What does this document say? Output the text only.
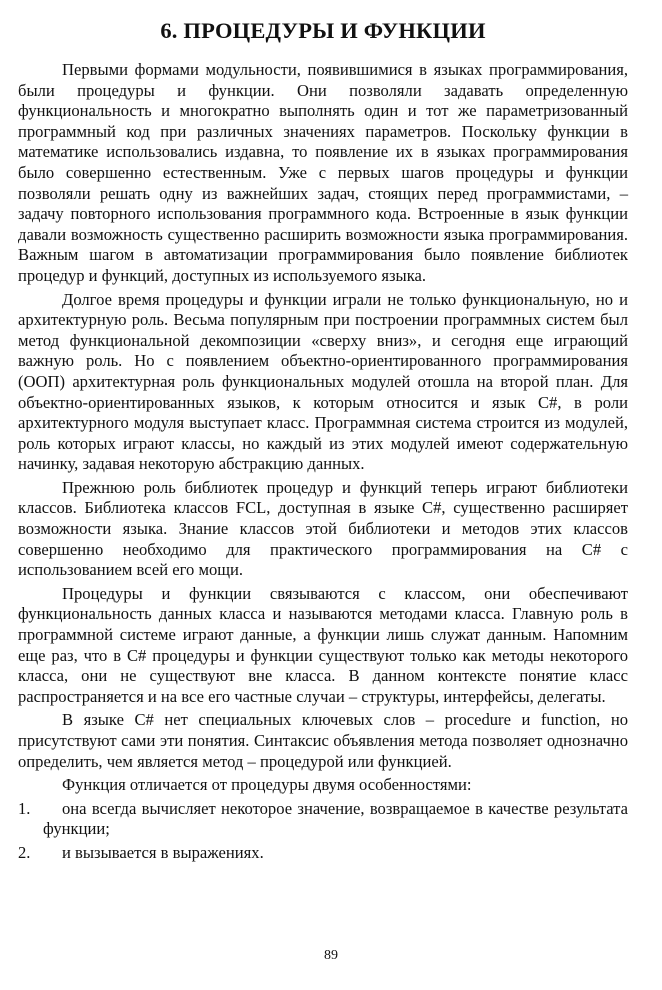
6. ПРОЦЕДУРЫ И ФУНКЦИИ

Первыми формами модульности, появившимися в языках программирования, были процедуры и функции. Они позволяли задавать определенную функциональность и многократно выполнять один и тот же параметризованный программный код при различных значениях параметров. Поскольку функции в математике использовались издавна, то появление их в языках программирования было совершенно естественным. Уже с первых шагов процедуры и функции позволяли решать одну из важнейших задач, стоящих перед программистами, – задачу повторного использования программного кода. Встроенные в язык функции давали возможность существенно расширить возможности языка программирования. Важным шагом в автоматизации программирования было появление библиотек процедур и функций, доступных из используемого языка.

Долгое время процедуры и функции играли не только функциональную, но и архитектурную роль. Весьма популярным при построении программных систем был метод функциональной декомпозиции «сверху вниз», и сегодня еще играющий важную роль. Но с появлением объектно-ориентированного программирования (ООП) архитектурная роль функциональных модулей отошла на второй план. Для объектно-ориентированных языков, к которым относится и язык C#, в роли архитектурного модуля выступает класс. Программная система строится из модулей, роль которых играют классы, но каждый из этих модулей имеют содержательную начинку, задавая некоторую абстракцию данных.

Прежнюю роль библиотек процедур и функций теперь играют библиотеки классов. Библиотека классов FCL, доступная в языке C#, существенно расширяет возможности языка. Знание классов этой библиотеки и методов этих классов совершенно необходимо для практического программирования на C# с использованием всей его мощи.

Процедуры и функции связываются с классом, они обеспечивают функциональность данных класса и называются методами класса. Главную роль в программной системе играют данные, а функции лишь служат данным. Напомним еще раз, что в C# процедуры и функции существуют только как методы некоторого класса, они не существуют вне класса. В данном контексте понятие класс распространяется и на все его частные случаи – структуры, интерфейсы, делегаты.

В языке C# нет специальных ключевых слов – procedure и function, но присутствуют сами эти понятия. Синтаксис объявления метода позволяет однозначно определить, чем является метод – процедурой или функцией.

Функция отличается от процедуры двумя особенностями:

1. она всегда вычисляет некоторое значение, возвращаемое в качестве результата функции;
2. и вызывается в выражениях.
89
